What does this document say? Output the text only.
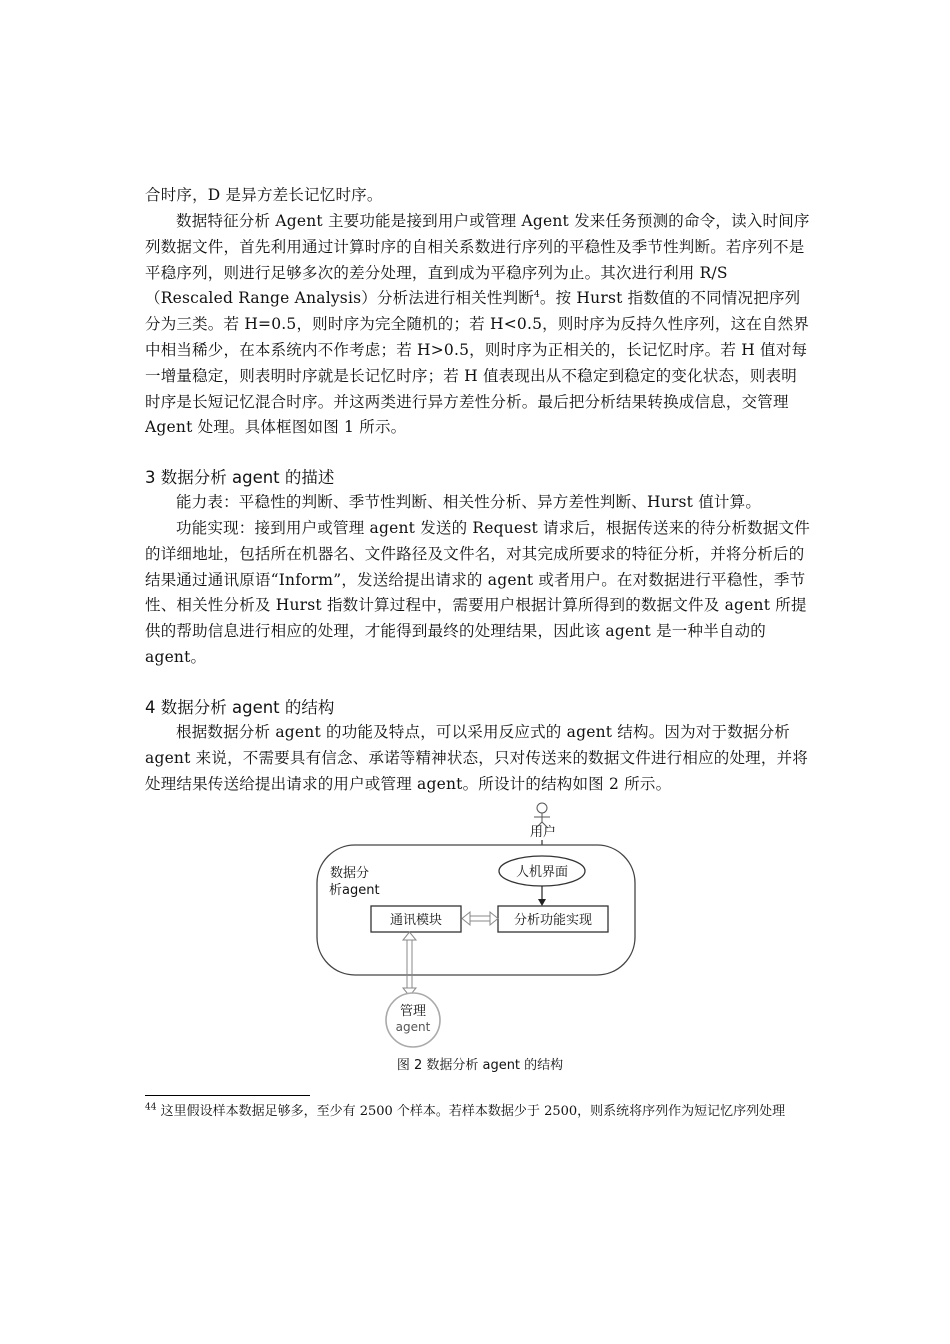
合时序，D 是异方差长记忆时序。

数据特征分析 Agent 主要功能是接到用户或管理 Agent 发来任务预测的命令，读入时间序列数据文件，首先利用通过计算时序的自相关系数进行序列的平稳性及季节性判断。若序列不是平稳序列，则进行足够多次的差分处理，直到成为平稳序列为止。其次进行利用 R/S（Rescaled Range Analysis）分析法进行相关性判断$^4$。按 Hurst 指数值的不同情况把序列分为三类。若 H=0.5，则时序为完全随机的；若 H<0.5，则时序为反持久性序列，这在自然界中相当稀少，在本系统内不作考虑；若 H>0.5，则时序为正相关的，长记忆时序。若 H 值对每一增量稳定，则表明时序就是长记忆时序；若 H 值表现出从不稳定到稳定的变化状态，则表明时序是长短记忆混合时序。并这两类进行异方差性分析。最后把分析结果转换成信息，交管理 Agent 处理。具体框图如图 1 所示。

3 数据分析 agent 的描述

能力表：平稳性的判断、季节性判断、相关性分析、异方差性判断、Hurst 值计算。

功能实现：接到用户或管理 agent 发送的 Request 请求后，根据传送来的待分析数据文件的详细地址，包括所在机器名、文件路径及文件名，对其完成所要求的特征分析，并将分析后的结果通过通讯原语“Inform”，发送给提出请求的 agent 或者用户。在对数据进行平稳性，季节性、相关性分析及 Hurst 指数计算过程中，需要用户根据计算所得到的数据文件及 agent 所提供的帮助信息进行相应的处理，才能得到最终的处理结果，因此该 agent 是一种半自动的 agent。

4 数据分析 agent 的结构

根据数据分析 agent 的功能及特点，可以采用反应式的 agent 结构。因为对于数据分析 agent 来说，不需要具有信念、承诺等精神状态，只对传送来的数据文件进行相应的处理，并将处理结果传送给提出请求的用户或管理 agent。所设计的结构如图 2 所示。

用户
数据分
析agent
人机界面
通讯模块	分析功能实现
管理
agent
图 2 数据分析 agent 的结构

$^{44}$ 这里假设样本数据足够多，至少有 2500 个样本。若样本数据少于 2500，则系统将序列作为短记忆序列处理
